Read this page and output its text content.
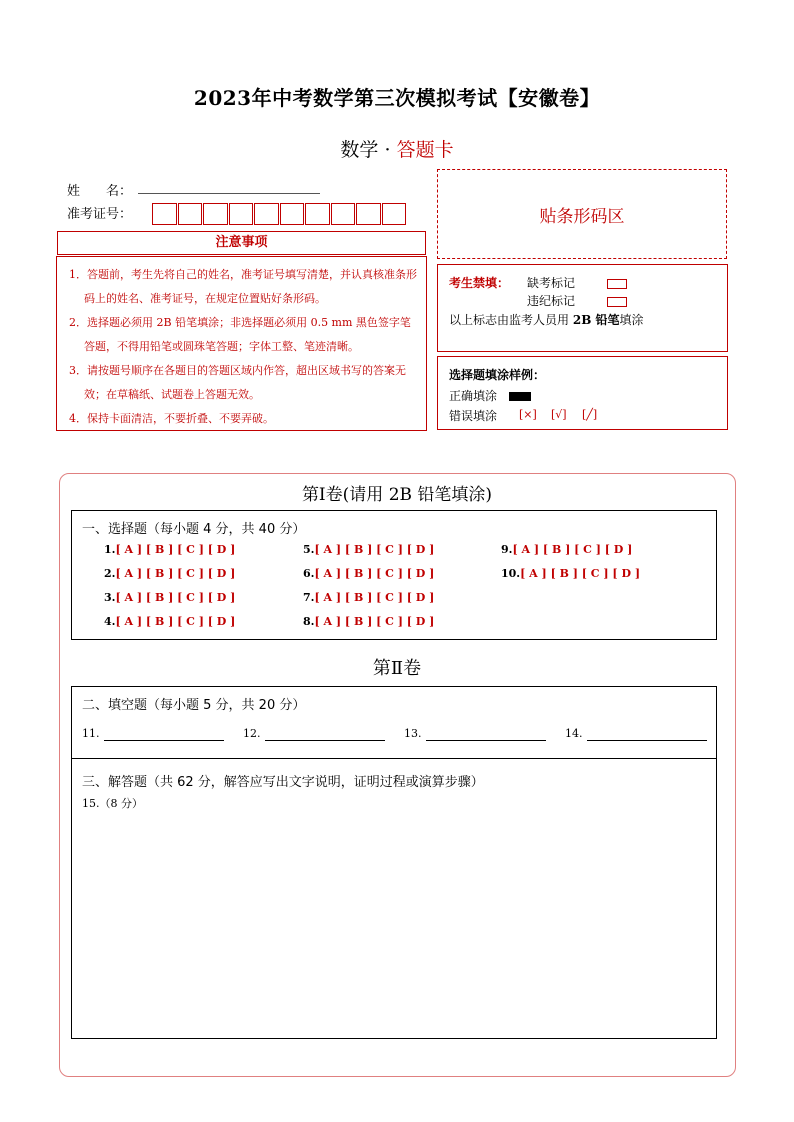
2023年中考数学第三次模拟考试【安徽卷】
数学 · 答题卡
姓　　名：
准考证号：	贴条形码区
注意事项

1．答题前，考生先将自己的姓名，准考证号填写清楚，并认真核准条形码上的姓名、准考证号，在规定位置贴好条形码。

2．选择题必须用 2B 铅笔填涂；非选择题必须用 0.5 mm 黑色签字笔答题，不得用铅笔或圆珠笔答题；字体工整、笔迹清晰。

3．请按题号顺序在各题目的答题区域内作答，超出区域书写的答案无效；在草稿纸、试题卷上答题无效。

4．保持卡面清洁，不要折叠、不要弄破。

考生禁填： 缺考标记
违纪标记
以上标志由监考人员用 2B 铅笔填涂
选择题填涂样例：
正确填涂
错误填涂 [×] [√] [╱]
第Ⅰ卷(请用 2B 铅笔填涂)
一、选择题（每小题 4 分，共 40 分）
1.[ A ] [ B ] [ C ] [ D ]
2.[ A ] [ B ] [ C ] [ D ]
3.[ A ] [ B ] [ C ] [ D ]
4.[ A ] [ B ] [ C ] [ D ]
5.[ A ] [ B ] [ C ] [ D ]
6.[ A ] [ B ] [ C ] [ D ]
7.[ A ] [ B ] [ C ] [ D ]
8.[ A ] [ B ] [ C ] [ D ]
9.[ A ] [ B ] [ C ] [ D ]
10.[ A ] [ B ] [ C ] [ D ]
第Ⅱ卷
二、填空题（每小题 5 分，共 20 分）
11.	12.	13.	14.
三、解答题（共 62 分，解答应写出文字说明，证明过程或演算步骤）
15.（8 分）
